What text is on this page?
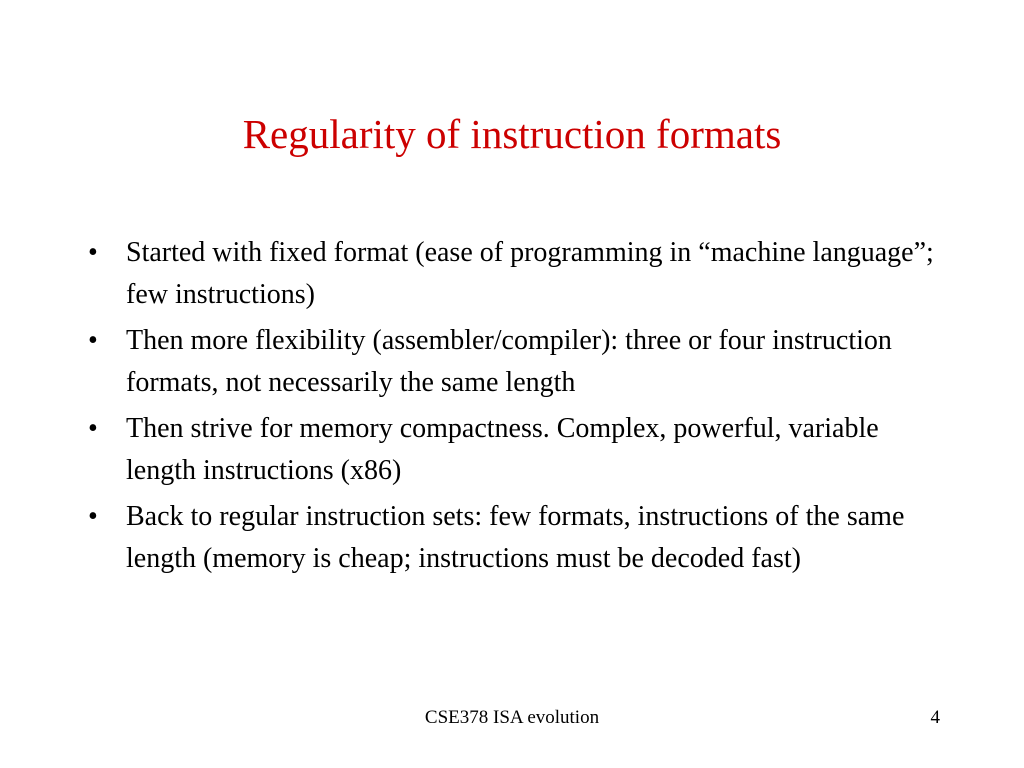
Regularity of instruction formats
•	Started with fixed format (ease of programming in “machine language”; few instructions)
•	Then more flexibility (assembler/compiler): three or four instruction formats, not necessarily the same length
•	Then strive for memory compactness. Complex, powerful, variable length instructions (x86)
•	Back to regular instruction sets: few formats, instructions of the same length (memory is cheap; instructions must be decoded fast)
CSE378 ISA evolution	4
